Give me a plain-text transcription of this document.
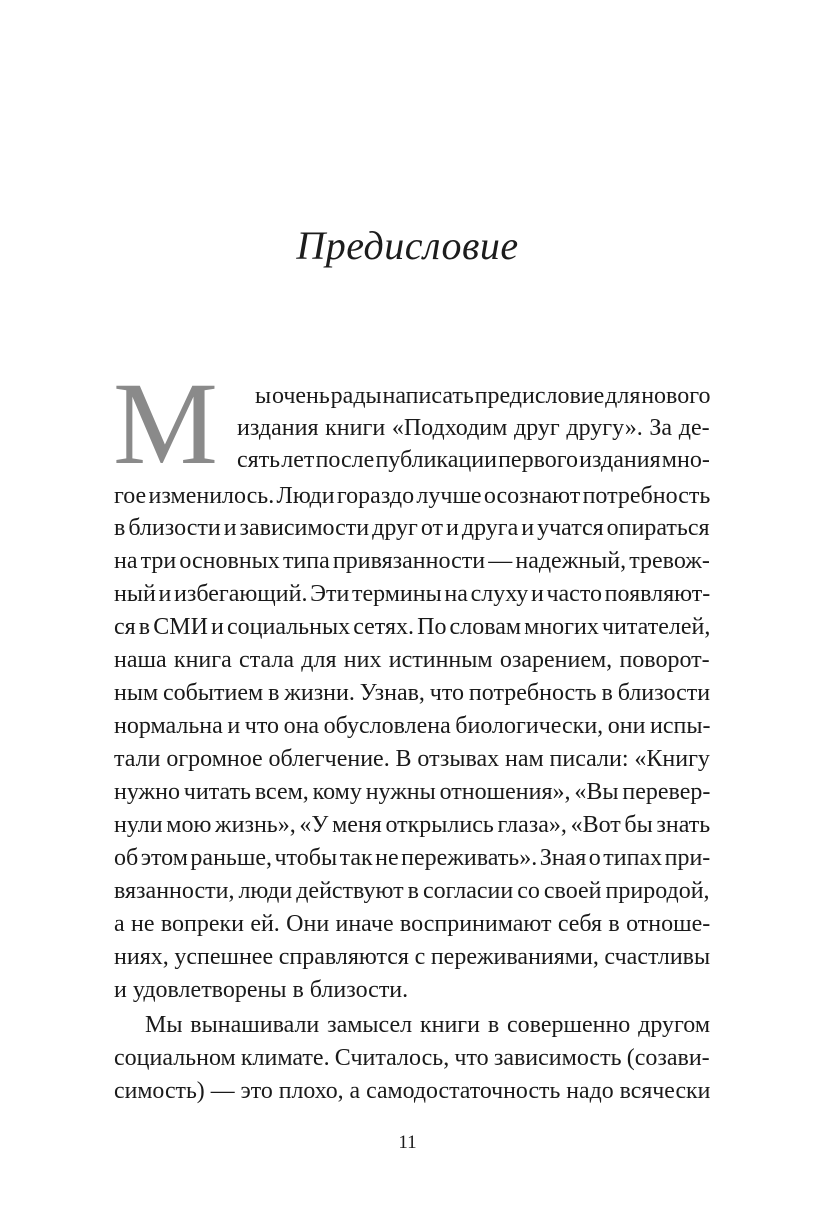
Предисловие
М ы очень рады написать предисловие для нового
издания книги «Подходим друг другу». За де-
сять лет после публикации первого издания мно-
гое изменилось. Люди гораздо лучше осознают потребность
в близости и зависимости друг от и друга и учатся опираться
на три основных типа привязанности — надежный, тревож-
ный и избегающий. Эти термины на слуху и часто появляют-
ся в СМИ и социальных сетях. По словам многих читателей,
наша книга стала для них истинным озарением, поворот-
ным событием в жизни. Узнав, что потребность в близости
нормальна и что она обусловлена биологически, они испы-
тали огромное облегчение. В отзывах нам писали: «Книгу
нужно читать всем, кому нужны отношения», «Вы перевер-
нули мою жизнь», «У меня открылись глаза», «Вот бы знать
об этом раньше, чтобы так не переживать». Зная о типах при-
вязанности, люди действуют в согласии со своей природой,
а не вопреки ей. Они иначе воспринимают себя в отноше-
ниях, успешнее справляются с переживаниями, счастливы
и удовлетворены в близости.
Мы вынашивали замысел книги в совершенно другом
социальном климате. Считалось, что зависимость (созави-
симость) — это плохо, а самодостаточность надо всячески
11
